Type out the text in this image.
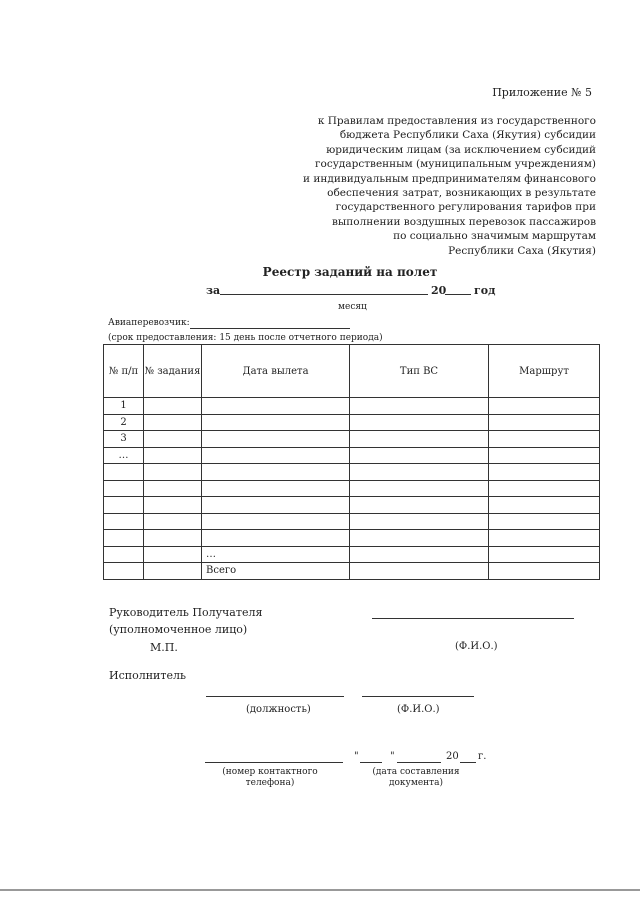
Приложение № 5
к Правилам предоставления из государственного
бюджета Республики Саха (Якутия) субсидии
юридическим лицам (за исключением субсидий
государственным (муниципальным учреждениям)
и индивидуальным предпринимателям финансового
обеспечения затрат, возникающих в результате
государственного регулирования тарифов при
выполнении воздушных перевозок пассажиров
по социально значимым маршрутам
Республики Саха (Якутия)
Реестр заданий на полет
за	20	год
месяц
Авиаперевозчик:
(срок предоставления: 15 день после отчетного периода)
№ п/п	№ задания	Дата вылета	Тип ВС	Маршрут
1				
2				
3				
…				

		…		
		Всего		
Руководитель Получателя
(уполномоченное лицо)
М.П.	(Ф.И.О.)
Исполнитель
(должность)	(Ф.И.О.)
"	"	20 г.
(номер контактного
телефона)
(дата составления
документа)
